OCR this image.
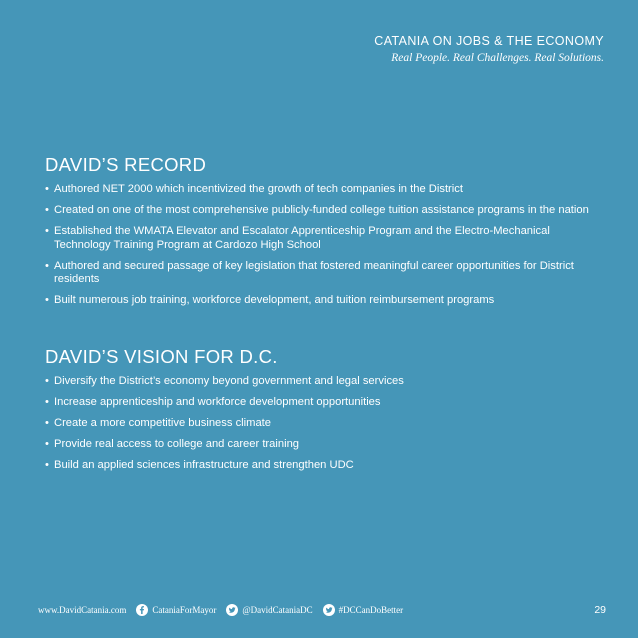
CATANIA ON JOBS & THE ECONOMY
Real People. Real Challenges. Real Solutions.
DAVID’S RECORD
• Authored NET 2000 which incentivized the growth of tech companies in the District
• Created on one of the most comprehensive publicly-funded college tuition assistance programs in the nation
• Established the WMATA Elevator and Escalator Apprenticeship Program and the Electro-Mechanical Technology Training Program at Cardozo High School
• Authored and secured passage of key legislation that fostered meaningful career opportunities for District residents
• Built numerous job training, workforce development, and tuition reimbursement programs
DAVID’S VISION FOR D.C.
• Diversify the District’s economy beyond government and legal services
• Increase apprenticeship and workforce development opportunities
• Create a more competitive business climate
• Provide real access to college and career training
• Build an applied sciences infrastructure and strengthen UDC
www.DavidCatania.com	CataniaForMayor	@DavidCataniaDC	#DCCanDoBetter	29
